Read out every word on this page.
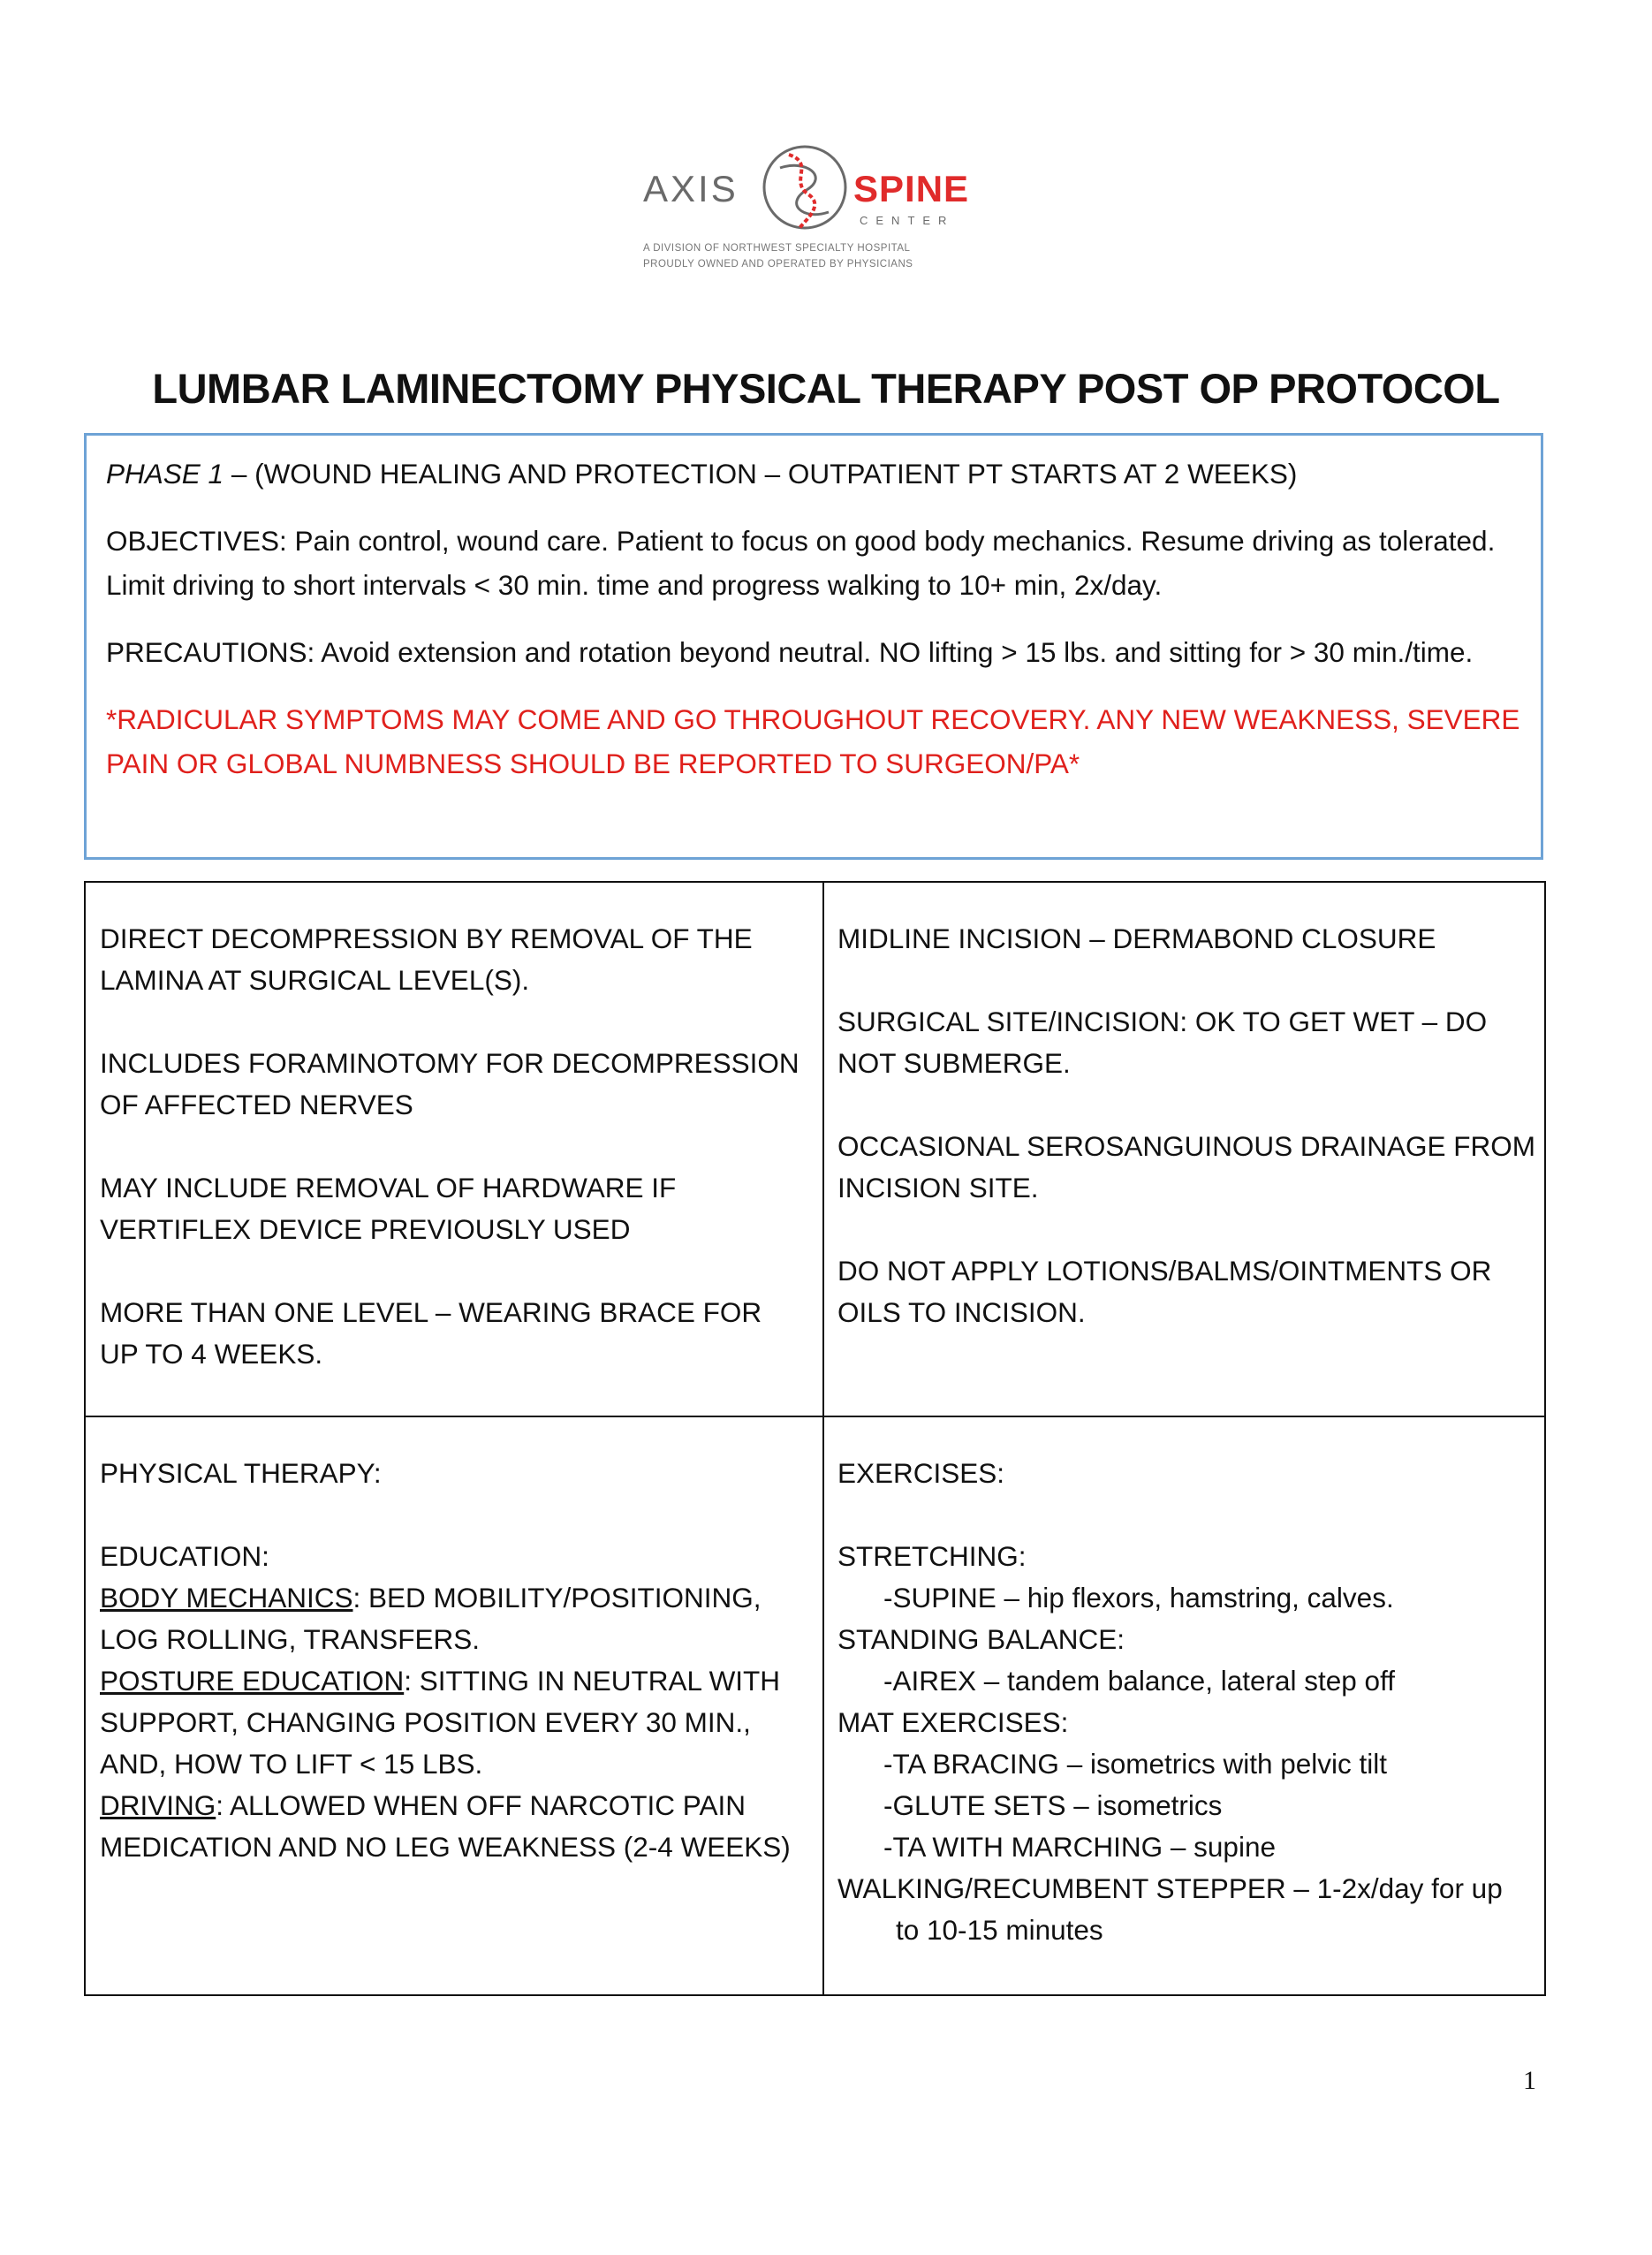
AXIS	SPINE
CENTER
A DIVISION OF NORTHWEST SPECIALTY HOSPITAL
PROUDLY OWNED AND OPERATED BY PHYSICIANS
LUMBAR LAMINECTOMY PHYSICAL THERAPY POST OP PROTOCOL

PHASE 1 – (WOUND HEALING AND PROTECTION – OUTPATIENT PT STARTS AT 2 WEEKS)

OBJECTIVES: Pain control, wound care. Patient to focus on good body mechanics. Resume driving as tolerated. Limit driving to short intervals < 30 min. time and progress walking to 10+ min, 2x/day.

PRECAUTIONS: Avoid extension and rotation beyond neutral. NO lifting > 15 lbs. and sitting for > 30 min./time.

*RADICULAR SYMPTOMS MAY COME AND GO THROUGHOUT RECOVERY. ANY NEW WEAKNESS, SEVERE PAIN OR GLOBAL NUMBNESS SHOULD BE REPORTED TO SURGEON/PA*

DIRECT DECOMPRESSION BY REMOVAL OF THE LAMINA AT SURGICAL LEVEL(S).

INCLUDES FORAMINOTOMY FOR DECOMPRESSION OF AFFECTED NERVES

MAY INCLUDE REMOVAL OF HARDWARE IF VERTIFLEX DEVICE PREVIOUSLY USED

MORE THAN ONE LEVEL – WEARING BRACE FOR UP TO 4 WEEKS.

MIDLINE INCISION – DERMABOND CLOSURE

SURGICAL SITE/INCISION: OK TO GET WET – DO NOT SUBMERGE.

OCCASIONAL SEROSANGUINOUS DRAINAGE FROM INCISION SITE.

DO NOT APPLY LOTIONS/BALMS/OINTMENTS OR OILS TO INCISION.

PHYSICAL THERAPY:

EDUCATION:

BODY MECHANICS: BED MOBILITY/POSITIONING, LOG ROLLING, TRANSFERS.

POSTURE EDUCATION: SITTING IN NEUTRAL WITH SUPPORT, CHANGING POSITION EVERY 30 MIN., AND, HOW TO LIFT < 15 LBS.

DRIVING: ALLOWED WHEN OFF NARCOTIC PAIN MEDICATION AND NO LEG WEAKNESS (2-4 WEEKS)

EXERCISES:

STRETCHING:

-SUPINE – hip flexors, hamstring, calves.

STANDING BALANCE:

-AIREX – tandem balance, lateral step off

MAT EXERCISES:

-TA BRACING – isometrics with pelvic tilt

-GLUTE SETS – isometrics

-TA WITH MARCHING – supine

WALKING/RECUMBENT STEPPER – 1-2x/day for up

to 10-15 minutes

1
